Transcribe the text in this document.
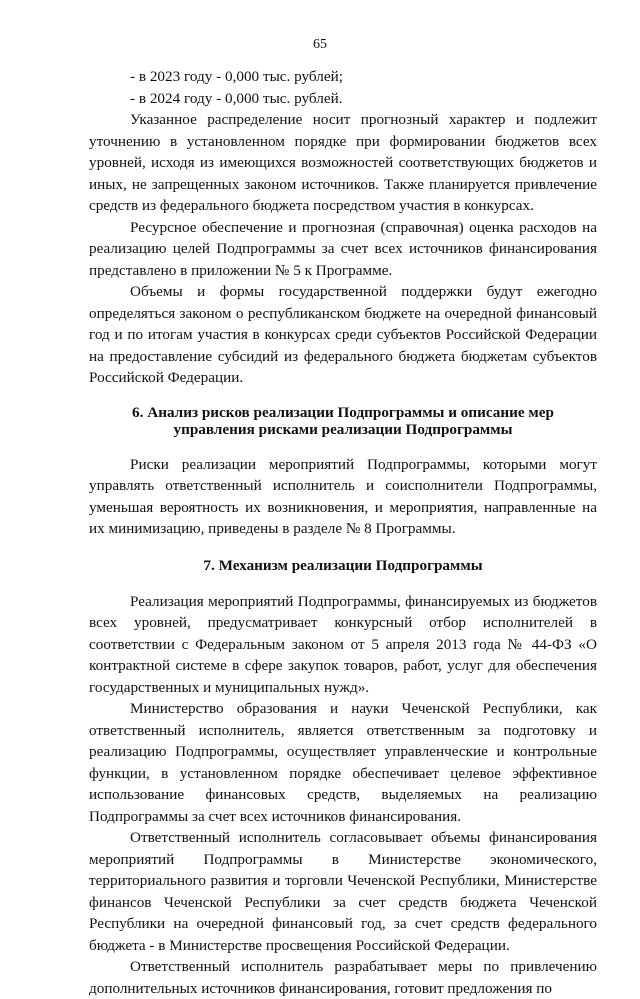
65

- в 2023 году - 0,000 тыс. рублей;

- в 2024 году - 0,000 тыс. рублей.

Указанное распределение носит прогнозный характер и подлежит уточнению в установленном порядке при формировании бюджетов всех уровней, исходя из имеющихся возможностей соответствующих бюджетов и иных, не запрещенных законом источников. Также планируется привлечение средств из федерального бюджета посредством участия в конкурсах.

Ресурсное обеспечение и прогнозная (справочная) оценка расходов на реализацию целей Подпрограммы за счет всех источников финансирования представлено в приложении № 5 к Программе.

Объемы и формы государственной поддержки будут ежегодно определяться законом о республиканском бюджете на очередной финансовый год и по итогам участия в конкурсах среди субъектов Российской Федерации на предоставление субсидий из федерального бюджета бюджетам субъектов Российской Федерации.

6. Анализ рисков реализации Подпрограммы и описание мер

управления рисками реализации Подпрограммы

Риски реализации мероприятий Подпрограммы, которыми могут управлять ответственный исполнитель и соисполнители Подпрограммы, уменьшая вероятность их возникновения, и мероприятия, направленные на их минимизацию, приведены в разделе № 8 Программы.

7. Механизм реализации Подпрограммы

Реализация мероприятий Подпрограммы, финансируемых из бюджетов всех уровней, предусматривает конкурсный отбор исполнителей в соответствии с Федеральным законом от 5 апреля 2013 года № 44-ФЗ «О контрактной системе в сфере закупок товаров, работ, услуг для обеспечения государственных и муниципальных нужд».

Министерство образования и науки Чеченской Республики, как ответственный исполнитель, является ответственным за подготовку и реализацию Подпрограммы, осуществляет управленческие и контрольные функции, в установленном порядке обеспечивает целевое эффективное использование финансовых средств, выделяемых на реализацию Подпрограммы за счет всех источников финансирования.

Ответственный исполнитель согласовывает объемы финансирования мероприятий Подпрограммы в Министерстве экономического, территориального развития и торговли Чеченской Республики, Министерстве финансов Чеченской Республики за счет средств бюджета Чеченской Республики на очередной финансовый год, за счет средств федерального бюджета - в Министерстве просвещения Российской Федерации.

Ответственный исполнитель разрабатывает меры по привлечению дополнительных источников финансирования, готовит предложения по
